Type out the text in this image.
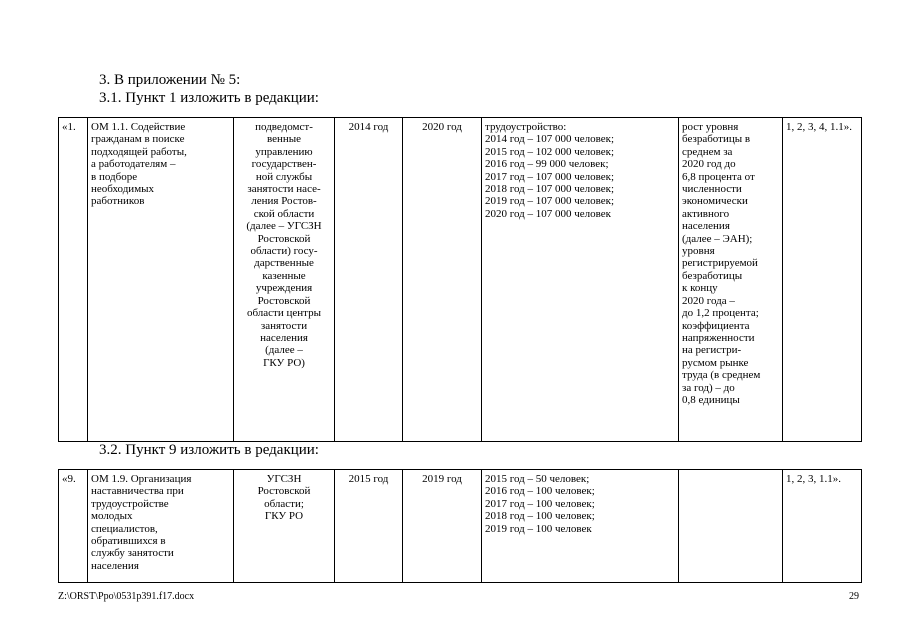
3. В приложении № 5:
3.1. Пункт 1 изложить в редакции:
«1.	ОМ 1.1. Содействие
гражданам в поиске
подходящей работы,
а работодателям –
в подборе
необходимых
работников	подведомст-
венные
управлению
государствен-
ной службы
занятости насе-
ления Ростов-
ской области
(далее – УГСЗН
Ростовской
области) госу-
дарственные
казенные
учреждения
Ростовской
области центры
занятости
населения
(далее –
ГКУ РО)	2014 год	2020 год	трудоустройство:
2014 год – 107 000 человек;
2015 год – 102 000 человек;
2016 год – 99 000 человек;
2017 год – 107 000 человек;
2018 год – 107 000 человек;
2019 год – 107 000 человек;
2020 год – 107 000 человек	рост уровня
безработицы в
среднем за
2020 год до
6,8 процента от
численности
экономически
активного
населения
(далее – ЭАН);
уровня
регистрируемой
безработицы
к концу
2020 года –
до 1,2 процента;
коэффициента
напряженности
на регистри-
русмом рынке
труда (в среднем
за год) – до
0,8 единицы	1, 2, 3, 4, 1.1».
3.2. Пункт 9 изложить в редакции:
«9.	ОМ 1.9. Организация
наставничества при
трудоустройстве
молодых
специалистов,
обратившихся в
службу занятости
населения	УГСЗН
Ростовской
области;
ГКУ РО	2015 год	2019 год	2015 год – 50 человек;
2016 год – 100 человек;
2017 год – 100 человек;
2018 год – 100 человек;
2019 год – 100 человек		1, 2, 3, 1.1».
Z:\ORST\Ppo\0531p391.f17.docx	29
